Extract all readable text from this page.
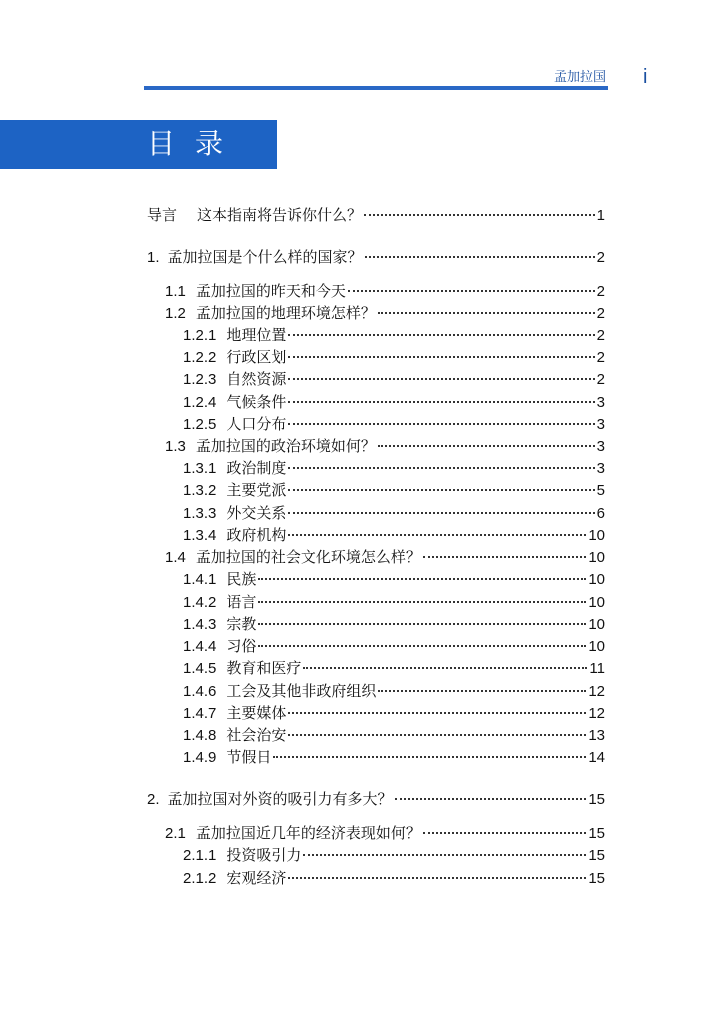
孟加拉国 i
目录
导言 这本指南将告诉你什么？	1
1. 孟加拉国是个什么样的国家？	2
1.1 孟加拉国的昨天和今天	2
1.2 孟加拉国的地理环境怎样？	2
1.2.1 地理位置	2
1.2.2 行政区划	2
1.2.3 自然资源	2
1.2.4 气候条件	3
1.2.5 人口分布	3
1.3 孟加拉国的政治环境如何？	3
1.3.1 政治制度	3
1.3.2 主要党派	5
1.3.3 外交关系	6
1.3.4 政府机构	10
1.4 孟加拉国的社会文化环境怎么样？	10
1.4.1 民族	10
1.4.2 语言	10
1.4.3 宗教	10
1.4.4 习俗	10
1.4.5 教育和医疗	11
1.4.6 工会及其他非政府组织	12
1.4.7 主要媒体	12
1.4.8 社会治安	13
1.4.9 节假日	14
2. 孟加拉国对外资的吸引力有多大？	15
2.1 孟加拉国近几年的经济表现如何？	15
2.1.1 投资吸引力	15
2.1.2 宏观经济	15
